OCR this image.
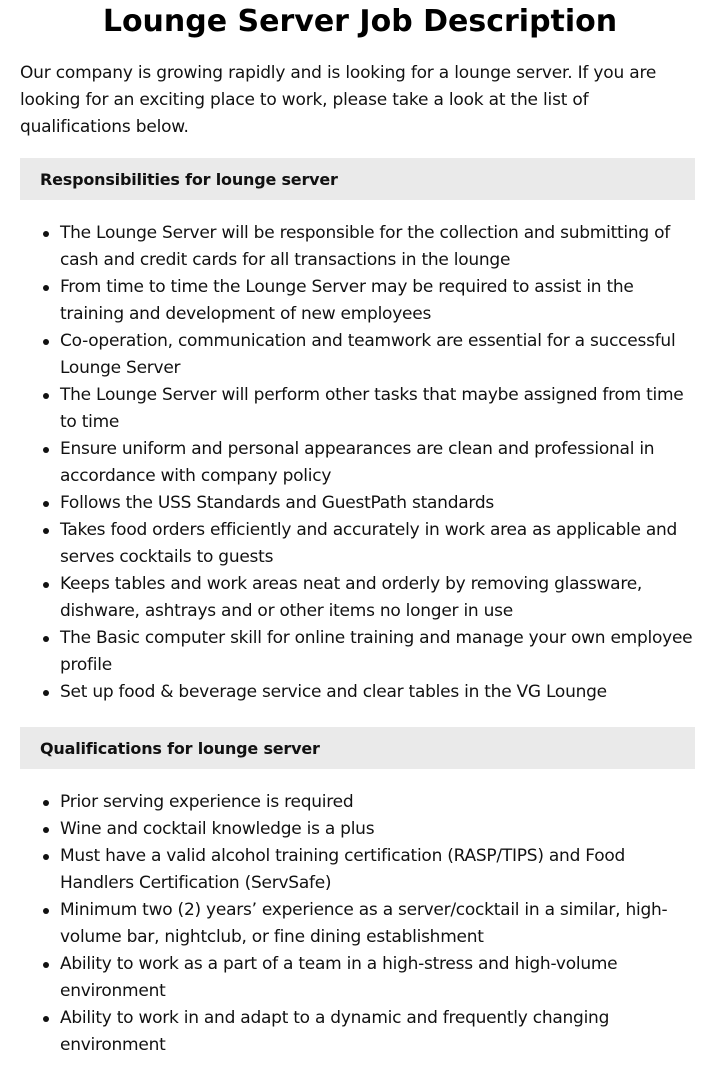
Lounge Server Job Description

Our company is growing rapidly and is looking for a lounge server. If you are looking for an exciting place to work, please take a look at the list of qualifications below.

Responsibilities for lounge server
The Lounge Server will be responsible for the collection and submitting of cash and credit cards for all transactions in the lounge
From time to time the Lounge Server may be required to assist in the training and development of new employees
Co-operation, communication and teamwork are essential for a successful Lounge Server
The Lounge Server will perform other tasks that maybe assigned from time to time
Ensure uniform and personal appearances are clean and professional in accordance with company policy
Follows the USS Standards and GuestPath standards
Takes food orders efficiently and accurately in work area as applicable and serves cocktails to guests
Keeps tables and work areas neat and orderly by removing glassware, dishware, ashtrays and or other items no longer in use
The Basic computer skill for online training and manage your own employee profile
Set up food & beverage service and clear tables in the VG Lounge
Qualifications for lounge server
Prior serving experience is required
Wine and cocktail knowledge is a plus
Must have a valid alcohol training certification (RASP/TIPS) and Food Handlers Certification (ServSafe)
Minimum two (2) years’ experience as a server/cocktail in a similar, high-volume bar, nightclub, or fine dining establishment
Ability to work as a part of a team in a high-stress and high-volume environment
Ability to work in and adapt to a dynamic and frequently changing environment
